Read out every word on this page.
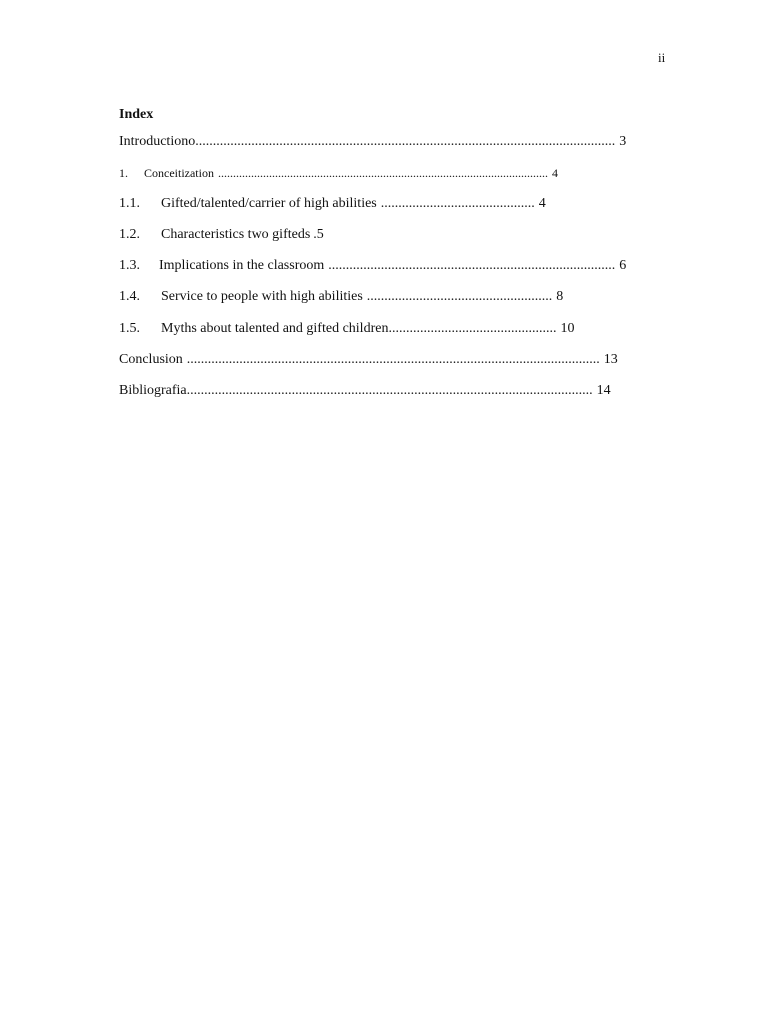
ii
Index
Introductiono ........................................................................................................................ 3
1.	Conceitization .............................................................................................................. 4
1.1.	Gifted/talented/carrier of high abilities ............................................ 4
1.2.	Characteristics two gifteds . 5
1.3.	Implications in the classroom .................................................................................. 6
1.4.	Service to people with high abilities ..................................................... 8
1.5.	Myths about talented and gifted children ................................................ 10
Conclusion ...................................................................................................................... 13
Bibliografia .................................................................................................................... 14
